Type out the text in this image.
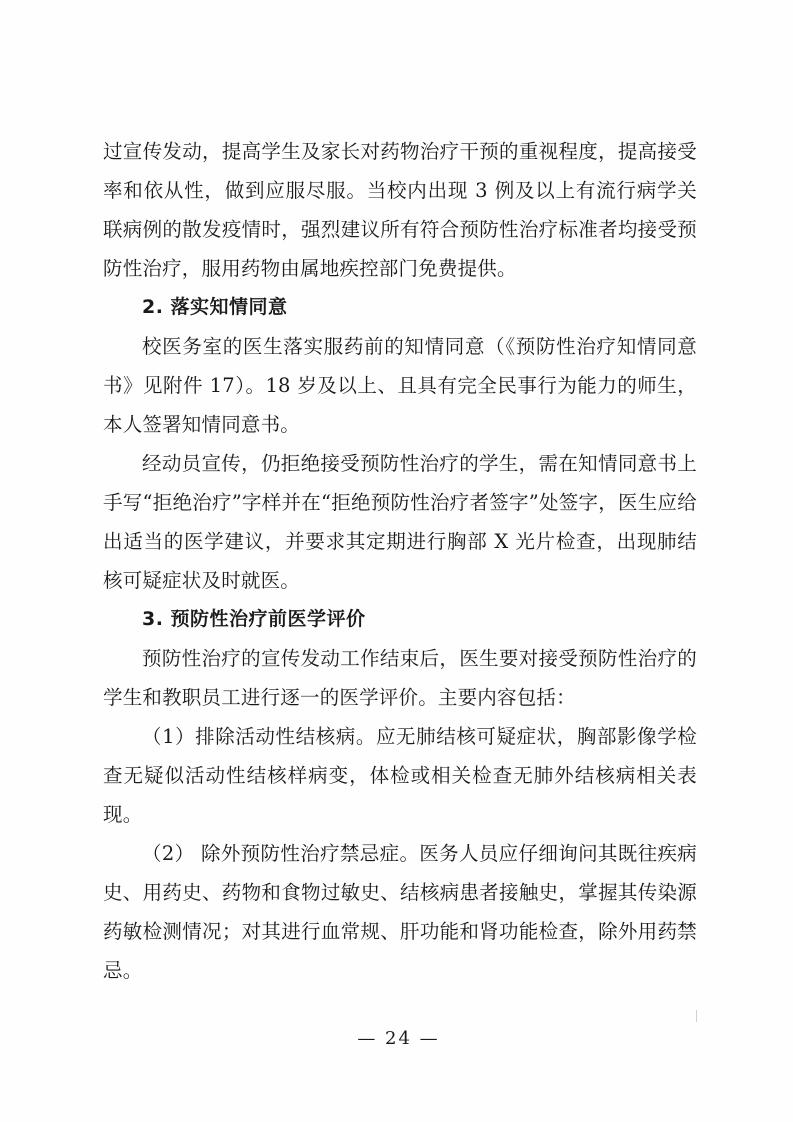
过宣传发动，提高学生及家长对药物治疗干预的重视程度，提高接受率和依从性，做到应服尽服。当校内出现 3 例及以上有流行病学关联病例的散发疫情时，强烈建议所有符合预防性治疗标准者均接受预防性治疗，服用药物由属地疾控部门免费提供。

2. 落实知情同意

校医务室的医生落实服药前的知情同意（《预防性治疗知情同意书》见附件 17）。18 岁及以上、且具有完全民事行为能力的师生，本人签署知情同意书。

经动员宣传，仍拒绝接受预防性治疗的学生，需在知情同意书上手写“拒绝治疗”字样并在“拒绝预防性治疗者签字”处签字，医生应给出适当的医学建议，并要求其定期进行胸部 X 光片检查，出现肺结核可疑症状及时就医。

3. 预防性治疗前医学评价

预防性治疗的宣传发动工作结束后，医生要对接受预防性治疗的学生和教职员工进行逐一的医学评价。主要内容包括：

（1）排除活动性结核病。应无肺结核可疑症状，胸部影像学检查无疑似活动性结核样病变，体检或相关检查无肺外结核病相关表现。

（2） 除外预防性治疗禁忌症。医务人员应仔细询问其既往疾病史、用药史、药物和食物过敏史、结核病患者接触史，掌握其传染源药敏检测情况；对其进行血常规、肝功能和肾功能检查，除外用药禁忌。

— 24 —
